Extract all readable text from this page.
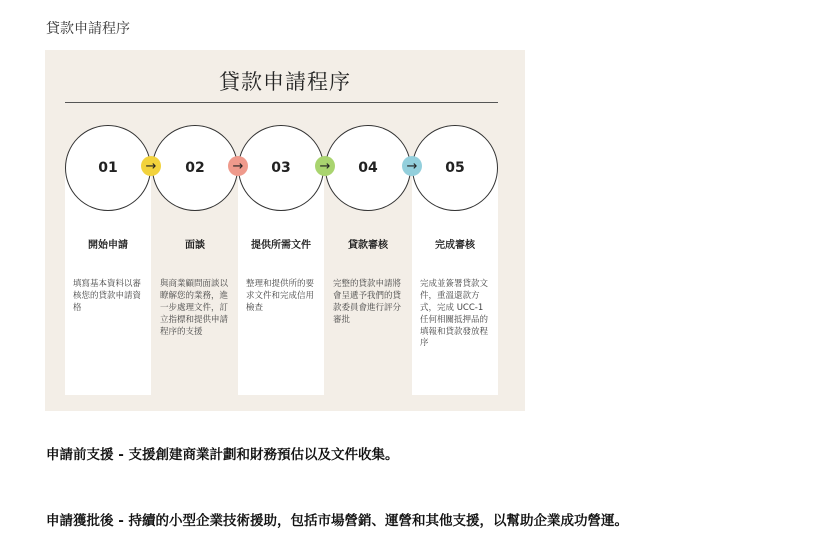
貸款申請程序
貸款申請程序
01	02	03	04	05
→	→	→	→
開始申請	面談	提供所需文件	貸款審核	完成審核
填寫基本資料以審核您的貸款申請資格
與商業顧問面談以瞭解您的業務，進一步處理文件，訂立指標和提供申請程序的支援
整理和提供所的要求文件和完成信用檢查
完整的貸款申請將會呈遞予我們的貸款委員會進行評分審批
完成並簽署貸款文件，重溫還款方式，完成 UCC-1 任何相關抵押品的填報和貸款發放程序
申請前支援 - 支援創建商業計劃和財務預估以及文件收集。
申請獲批後 - 持續的小型企業技術援助，包括市場營銷、運營和其他支援，以幫助企業成功營運。
